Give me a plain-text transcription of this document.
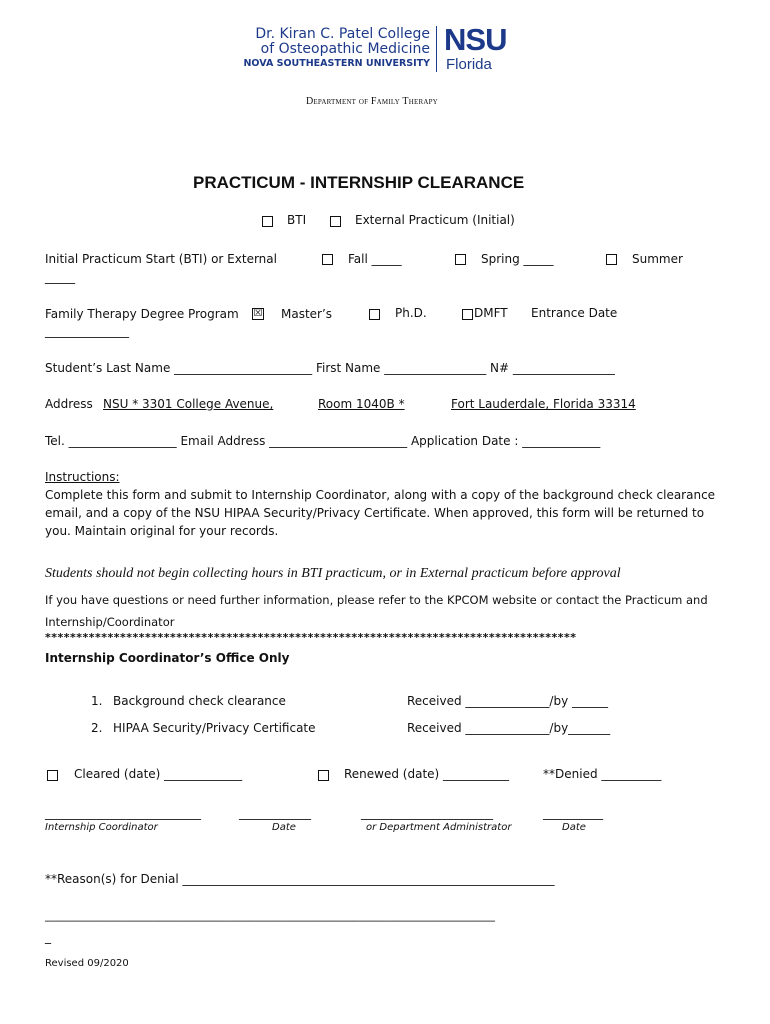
Dr. Kiran C. Patel College
of Osteopathic Medicine
NOVA SOUTHEASTERN UNIVERSITY
NSU
Florida
Department of Family Therapy
PRACTICUM - INTERNSHIP CLEARANCE
BTI	External Practicum (Initial)
Initial Practicum Start (BTI) or External	Fall _____	Spring _____	Summer
_____
Family Therapy Degree Program ☒ Master’s	Ph.D.	DMFT Entrance Date
______________
Student’s Last Name _______________________ First Name _________________ N# _________________
Address NSU * 3301 College Avenue,	Room 1040B *	Fort Lauderdale, Florida 33314
Tel. __________________ Email Address _______________________ Application Date : _____________
Instructions:
Complete this form and submit to Internship Coordinator, along with a copy of the background check clearance
email, and a copy of the NSU HIPAA Security/Privacy Certificate. When approved, this form will be returned to
you. Maintain original for your records.
Students should not begin collecting hours in BTI practicum, or in External practicum before approval
If you have questions or need further information, please refer to the KPCOM website or contact the Practicum and
Internship/Coordinator
*************************************************************************************
Internship Coordinator’s Office Only
1. Background check clearance	Received ______________/by ______
2. HIPAA Security/Privacy Certificate	Received ______________/by_______
Cleared (date) _____________	Renewed (date) ___________	**Denied __________
__________________________	____________	______________________	__________
Internship Coordinator	Date	or Department Administrator	Date
**Reason(s) for Denial ______________________________________________________________
_______________________________________________________________________________
_
Revised 09/2020
